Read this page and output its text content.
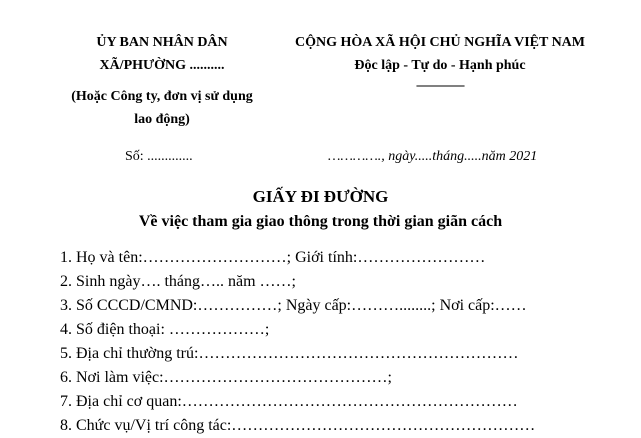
ỦY BAN NHÂN DÂN
XÃ/PHƯỜNG ..........
(Hoặc Công ty, đơn vị sử dụng
lao động)
Số: .............
CỘNG HÒA XÃ HỘI CHỦ NGHĨA VIỆT NAM
Độc lập - Tự do - Hạnh phúc
----------------
…………., ngày.....tháng.....năm 2021
GIẤY ĐI ĐƯỜNG
Về việc tham gia giao thông trong thời gian giãn cách
1. Họ và tên:………………………; Giới tính:……………………
2. Sinh ngày…. tháng….. năm ……;
3. Số CCCD/CMND:……………; Ngày cấp:………........; Nơi cấp:……
4. Số điện thoại: ………………;
5. Địa chỉ thường trú:……………………………………………………
6. Nơi làm việc:……………………………………;
7. Địa chỉ cơ quan:………………………………………………………
8. Chức vụ/Vị trí công tác:…………………………………………………
